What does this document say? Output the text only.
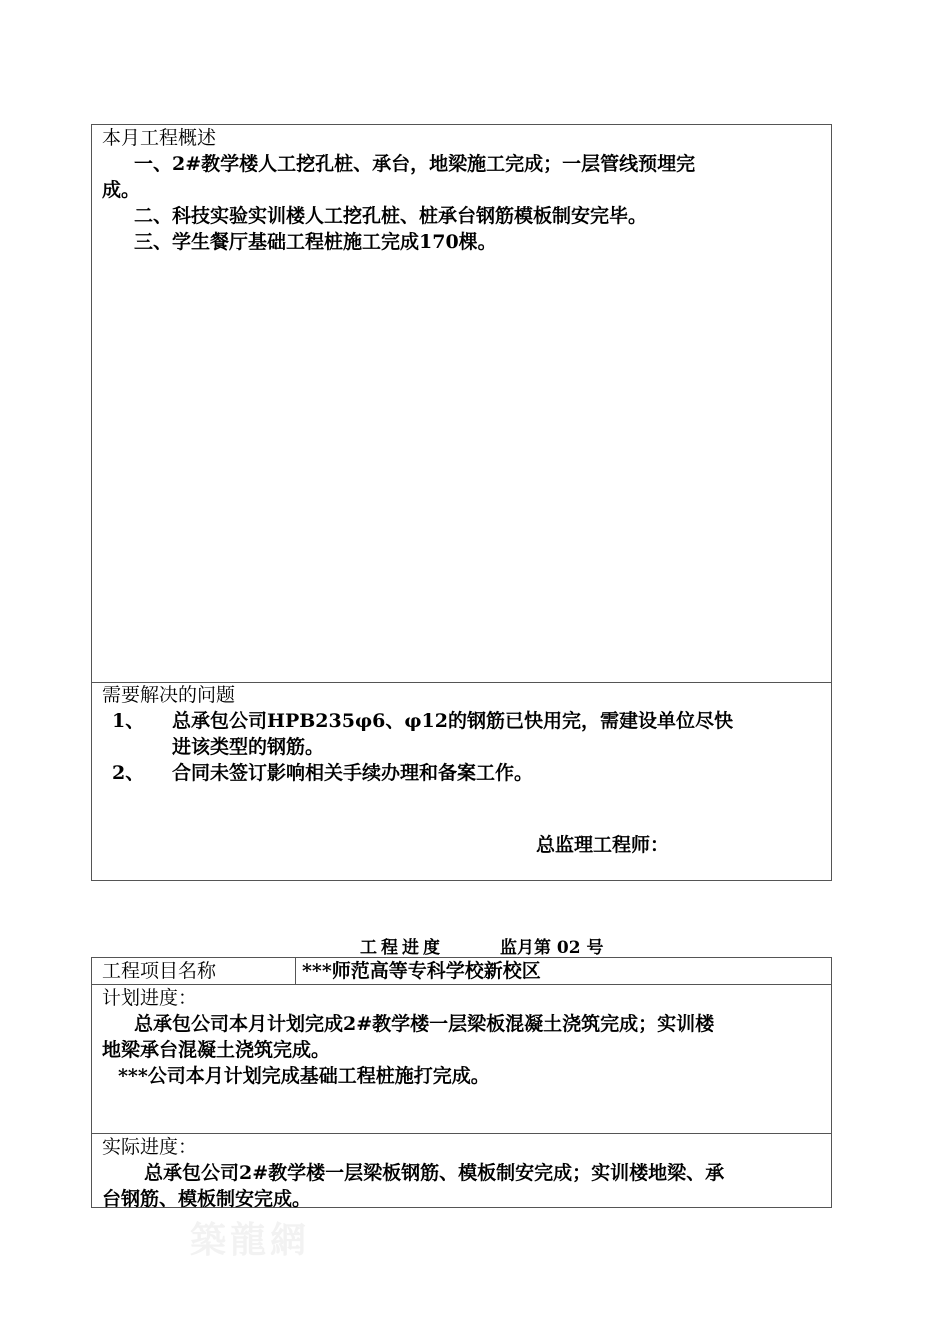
本月工程概述
一、2#教学楼人工挖孔桩、承台，地梁施工完成；一层管线预埋完
成。
二、科技实验实训楼人工挖孔桩、桩承台钢筋模板制安完毕。
三、学生餐厅基础工程桩施工完成170棵。
需要解决的问题
1、 总承包公司HPB235φ6、φ12的钢筋已快用完，需建设单位尽快
进该类型的钢筋。
2、 合同未签订影响相关手续办理和备案工作。
总监理工程师：
工程进度	监月第 02 号
工程项目名称	***师范高等专科学校新校区
计划进度：
总承包公司本月计划完成2#教学楼一层梁板混凝土浇筑完成；实训楼
地梁承台混凝土浇筑完成。
***公司本月计划完成基础工程桩施打完成。
实际进度：
总承包公司2#教学楼一层梁板钢筋、模板制安完成；实训楼地梁、承
台钢筋、模板制安完成。
築龍網
